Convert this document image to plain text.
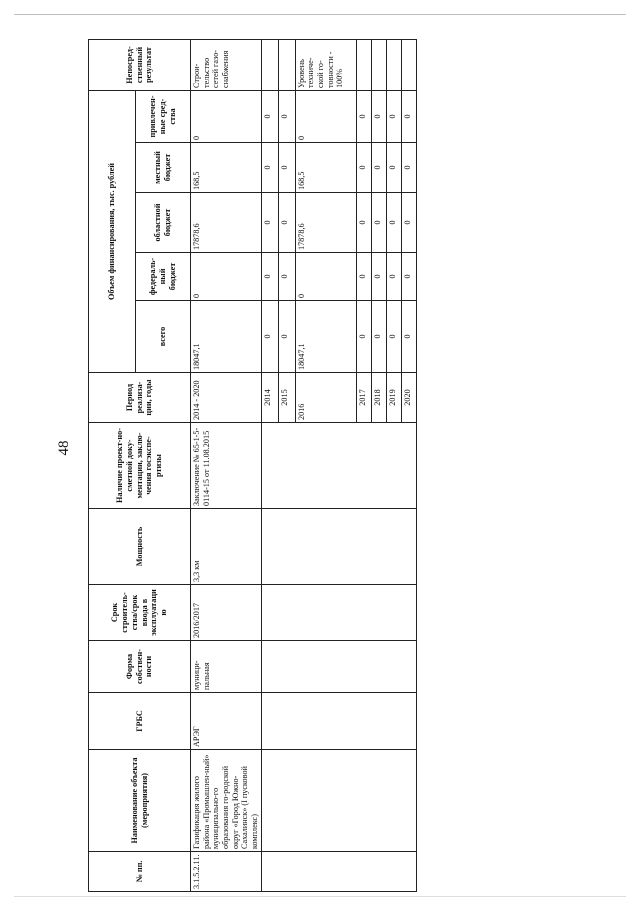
48
№ пп.	Наименование объекта (мероприятия)	ГРБС	Форма собствен-ности	Срок строитель-ства/срок ввода в эксплуатацию	Мощность	Наличие проект-но-сметной доку-ментации, заклю-чения госэкспе-ртизы	Период реализа-ции, годы	Объем финансирования, тыс. рублей					Непосред-ственный результат
								всего	федераль-ный бюджет	областной бюджет	местный бюджет	привлечен-ные сред-ства	
3.1.5.2.11.	Газификация жилого района «Промышлен-ный» муниципально-го образования го-родской округ «Город Южно-Сахалинск» (I пусковой комплекс)	АРЭГ	муници-пальная	2016/2017	3,3 км	Заключение № 65-1-5-0114-15 от 11.08.2015	2014 - 2020	18047,1	0	17878,6	168,5	0	Строи-тельство сетей газо-снабжения
							2014	0	0	0	0	0	
							2015	0	0	0	0	0	
							2016	18047,1	0	17878,6	168,5	0	Уровень техниче-ской го-товности - 100%
							2017	0	0	0	0	0	
							2018	0	0	0	0	0	
							2019	0	0	0	0	0	
							2020	0	0	0	0	0	
